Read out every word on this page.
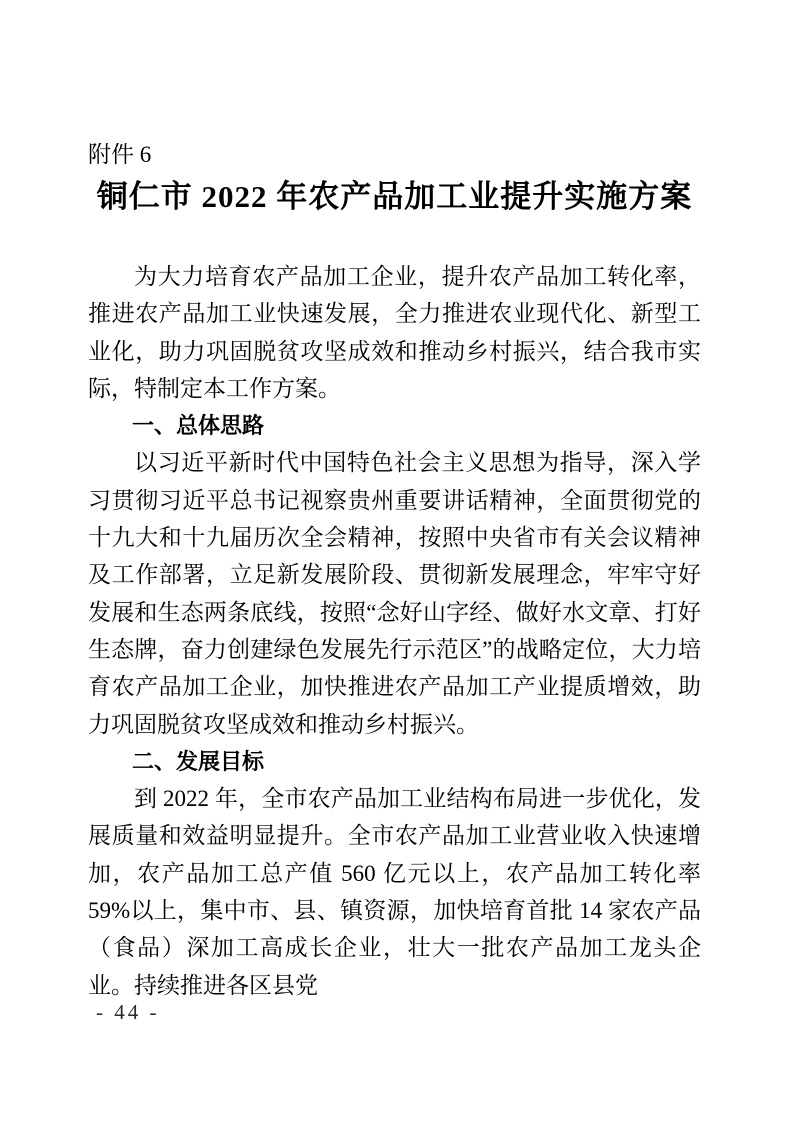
附件 6
铜仁市 2022 年农产品加工业提升实施方案

为大力培育农产品加工企业，提升农产品加工转化率，推进农产品加工业快速发展，全力推进农业现代化、新型工业化，助力巩固脱贫攻坚成效和推动乡村振兴，结合我市实际，特制定本工作方案。

一、总体思路

以习近平新时代中国特色社会主义思想为指导，深入学习贯彻习近平总书记视察贵州重要讲话精神，全面贯彻党的十九大和十九届历次全会精神，按照中央省市有关会议精神及工作部署，立足新发展阶段、贯彻新发展理念，牢牢守好发展和生态两条底线，按照“念好山字经、做好水文章、打好生态牌，奋力创建绿色发展先行示范区”的战略定位，大力培育农产品加工企业，加快推进农产品加工产业提质增效，助力巩固脱贫攻坚成效和推动乡村振兴。

二、发展目标

到 2022 年，全市农产品加工业结构布局进一步优化，发展质量和效益明显提升。全市农产品加工业营业收入快速增加，农产品加工总产值 560 亿元以上，农产品加工转化率 59%以上，集中市、县、镇资源，加快培育首批 14 家农产品（食品）深加工高成长企业，壮大一批农产品加工龙头企业。持续推进各区县党

- 44 -
